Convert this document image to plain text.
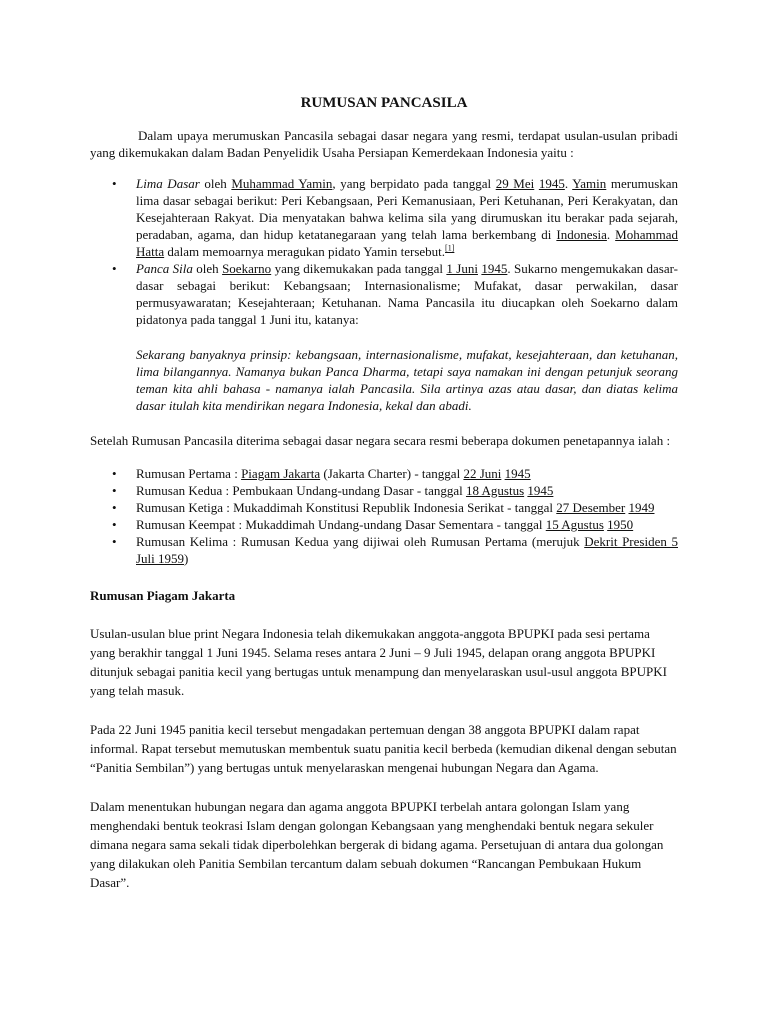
RUMUSAN PANCASILA

Dalam upaya merumuskan Pancasila sebagai dasar negara yang resmi, terdapat usulan-usulan pribadi yang dikemukakan dalam Badan Penyelidik Usaha Persiapan Kemerdekaan Indonesia yaitu :

• Lima Dasar oleh Muhammad Yamin, yang berpidato pada tanggal 29 Mei 1945. Yamin merumuskan lima dasar sebagai berikut: Peri Kebangsaan, Peri Kemanusiaan, Peri Ketuhanan, Peri Kerakyatan, dan Kesejahteraan Rakyat. Dia menyatakan bahwa kelima sila yang dirumuskan itu berakar pada sejarah, peradaban, agama, dan hidup ketatanegaraan yang telah lama berkembang di Indonesia. Mohammad Hatta dalam memoarnya meragukan pidato Yamin tersebut.[1]
• Panca Sila oleh Soekarno yang dikemukakan pada tanggal 1 Juni 1945. Sukarno mengemukakan dasar-dasar sebagai berikut: Kebangsaan; Internasionalisme; Mufakat, dasar perwakilan, dasar permusyawaratan; Kesejahteraan; Ketuhanan. Nama Pancasila itu diucapkan oleh Soekarno dalam pidatonya pada tanggal 1 Juni itu, katanya:

Sekarang banyaknya prinsip: kebangsaan, internasionalisme, mufakat, kesejahteraan, dan ketuhanan, lima bilangannya. Namanya bukan Panca Dharma, tetapi saya namakan ini dengan petunjuk seorang teman kita ahli bahasa - namanya ialah Pancasila. Sila artinya azas atau dasar, dan diatas kelima dasar itulah kita mendirikan negara Indonesia, kekal dan abadi.

Setelah Rumusan Pancasila diterima sebagai dasar negara secara resmi beberapa dokumen penetapannya ialah :

• Rumusan Pertama : Piagam Jakarta (Jakarta Charter) - tanggal 22 Juni 1945
• Rumusan Kedua : Pembukaan Undang-undang Dasar - tanggal 18 Agustus 1945
• Rumusan Ketiga : Mukaddimah Konstitusi Republik Indonesia Serikat - tanggal 27 Desember 1949
• Rumusan Keempat : Mukaddimah Undang-undang Dasar Sementara - tanggal 15 Agustus 1950
• Rumusan Kelima : Rumusan Kedua yang dijiwai oleh Rumusan Pertama (merujuk Dekrit Presiden 5 Juli 1959)
Rumusan Piagam Jakarta

Usulan-usulan blue print Negara Indonesia telah dikemukakan anggota-anggota BPUPKI pada sesi pertama yang berakhir tanggal 1 Juni 1945. Selama reses antara 2 Juni – 9 Juli 1945, delapan orang anggota BPUPKI ditunjuk sebagai panitia kecil yang bertugas untuk menampung dan menyelaraskan usul-usul anggota BPUPKI yang telah masuk.

Pada 22 Juni 1945 panitia kecil tersebut mengadakan pertemuan dengan 38 anggota BPUPKI dalam rapat informal. Rapat tersebut memutuskan membentuk suatu panitia kecil berbeda (kemudian dikenal dengan sebutan “Panitia Sembilan”) yang bertugas untuk menyelaraskan mengenai hubungan Negara dan Agama.

Dalam menentukan hubungan negara dan agama anggota BPUPKI terbelah antara golongan Islam yang menghendaki bentuk teokrasi Islam dengan golongan Kebangsaan yang menghendaki bentuk negara sekuler dimana negara sama sekali tidak diperbolehkan bergerak di bidang agama. Persetujuan di antara dua golongan yang dilakukan oleh Panitia Sembilan tercantum dalam sebuah dokumen “Rancangan Pembukaan Hukum Dasar”.
